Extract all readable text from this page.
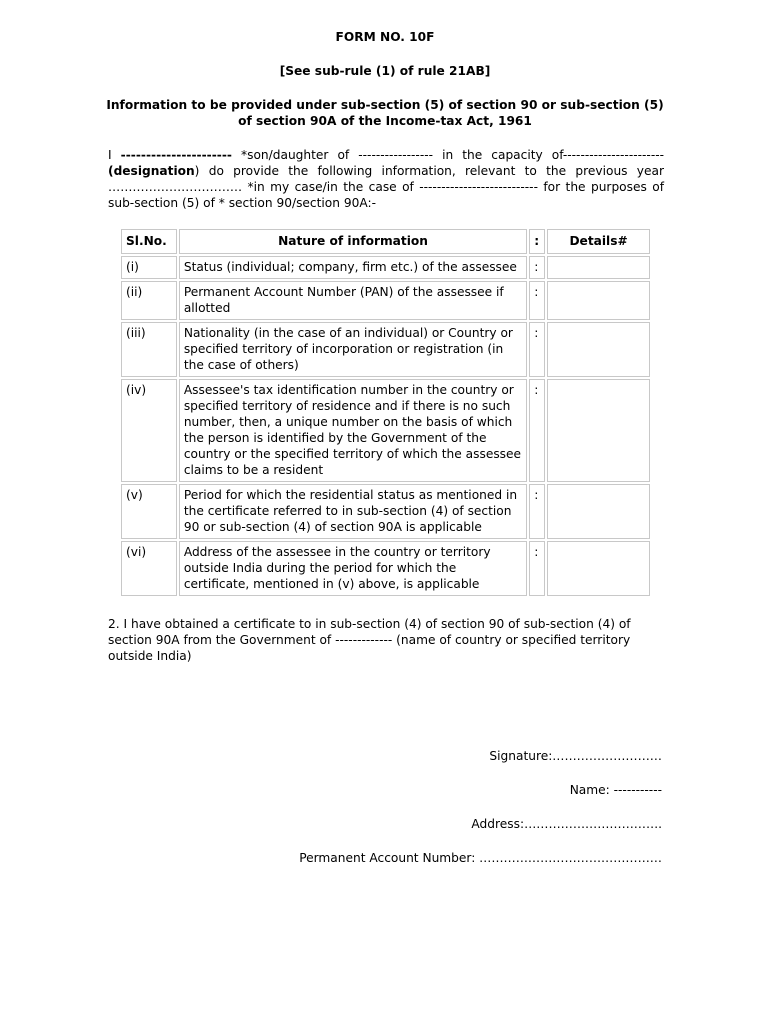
FORM NO. 10F
[See sub-rule (1) of rule 21AB]
Information to be provided under sub-section (5) of section 90 or sub-section (5) of section 90A of the Income-tax Act, 1961
I ---------------------- *son/daughter of ----------------- in the capacity of-----------------------(designation) do provide the following information, relevant to the previous year …………………………… *in my case/in the case of --------------------------- for the purposes of sub-section (5) of * section 90/section 90A:-
Sl.No.	Nature of information	:	Details#
(i)	Status (individual; company, firm etc.) of the assessee	:	
(ii)	Permanent Account Number (PAN) of the assessee if allotted	:	
(iii)	Nationality (in the case of an individual) or Country or specified territory of incorporation or registration (in the case of others)	:	
(iv)	Assessee's tax identification number in the country or specified territory of residence and if there is no such number, then, a unique number on the basis of which the person is identified by the Government of the country or the specified territory of which the assessee claims to be a resident	:	
(v)	Period for which the residential status as mentioned in the certificate referred to in sub-section (4) of section 90 or sub-section (4) of section 90A is applicable	:	
(vi)	Address of the assessee in the country or territory outside India during the period for which the certificate, mentioned in (v) above, is applicable	:	
2. I have obtained a certificate to in sub-section (4) of section 90 of sub-section (4) of section 90A from the Government of ------------- (name of country or specified territory outside India)
Signature:………………………
Name: -----------
Address:…………………………….
Permanent Account Number: ………………………………………
